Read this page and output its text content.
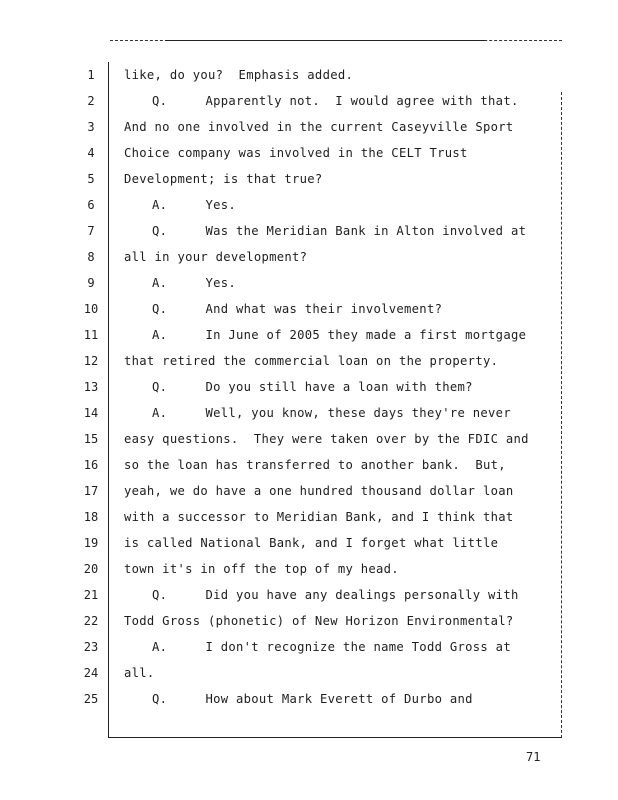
1	like, do you?  Emphasis added.
2	Q.     Apparently not.  I would agree with that.
3	And no one involved in the current Caseyville Sport
4	Choice company was involved in the CELT Trust
5	Development; is that true?
6	A.     Yes.
7	Q.     Was the Meridian Bank in Alton involved at
8	all in your development?
9	A.     Yes.
10	Q.     And what was their involvement?
11	A.     In June of 2005 they made a first mortgage
12	that retired the commercial loan on the property.
13	Q.     Do you still have a loan with them?
14	A.     Well, you know, these days they're never
15	easy questions.  They were taken over by the FDIC and
16	so the loan has transferred to another bank.  But,
17	yeah, we do have a one hundred thousand dollar loan
18	with a successor to Meridian Bank, and I think that
19	is called National Bank, and I forget what little
20	town it's in off the top of my head.
21	Q.     Did you have any dealings personally with
22	Todd Gross (phonetic) of New Horizon Environmental?
23	A.     I don't recognize the name Todd Gross at
24	all.
25	Q.     How about Mark Everett of Durbo and
71
